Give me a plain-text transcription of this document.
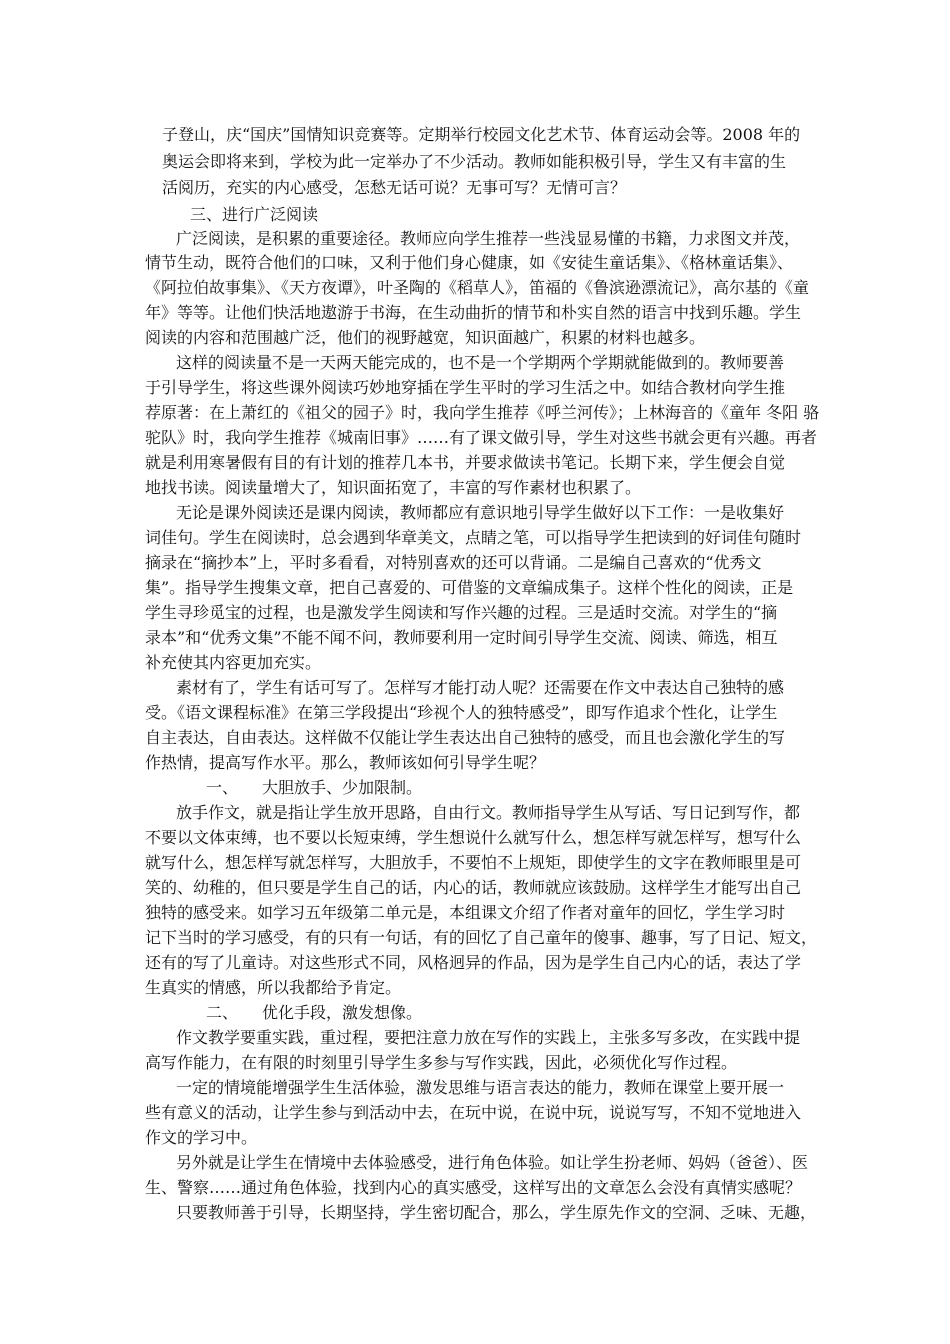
子登山，庆“国庆”国情知识竞赛等。定期举行校园文化艺术节、体育运动会等。2008 年的
奥运会即将来到，学校为此一定举办了不少活动。教师如能积极引导，学生又有丰富的生
活阅历，充实的内心感受，怎愁无话可说？无事可写？无情可言？
三、进行广泛阅读
广泛阅读，是积累的重要途径。教师应向学生推荐一些浅显易懂的书籍，力求图文并茂，
情节生动，既符合他们的口味，又利于他们身心健康，如《安徒生童话集》、《格林童话集》、
《阿拉伯故事集》、《天方夜谭》，叶圣陶的《稻草人》，笛福的《鲁滨逊漂流记》，高尔基的《童
年》等等。让他们快活地遨游于书海，在生动曲折的情节和朴实自然的语言中找到乐趣。学生
阅读的内容和范围越广泛，他们的视野越宽，知识面越广，积累的材料也越多。
这样的阅读量不是一天两天能完成的，也不是一个学期两个学期就能做到的。教师要善
于引导学生，将这些课外阅读巧妙地穿插在学生平时的学习生活之中。如结合教材向学生推
荐原著：在上萧红的《祖父的园子》时，我向学生推荐《呼兰河传》；上林海音的《童年 冬阳 骆
驼队》时，我向学生推荐《城南旧事》……有了课文做引导，学生对这些书就会更有兴趣。再者
就是利用寒暑假有目的有计划的推荐几本书，并要求做读书笔记。长期下来，学生便会自觉
地找书读。阅读量增大了，知识面拓宽了，丰富的写作素材也积累了。
无论是课外阅读还是课内阅读，教师都应有意识地引导学生做好以下工作：一是收集好
词佳句。学生在阅读时，总会遇到华章美文，点睛之笔，可以指导学生把读到的好词佳句随时
摘录在“摘抄本”上，平时多看看，对特别喜欢的还可以背诵。二是编自己喜欢的“优秀文
集”。指导学生搜集文章，把自己喜爱的、可借鉴的文章编成集子。这样个性化的阅读，正是
学生寻珍觅宝的过程，也是激发学生阅读和写作兴趣的过程。三是适时交流。对学生的“摘
录本”和“优秀文集”不能不闻不问，教师要利用一定时间引导学生交流、阅读、筛选，相互
补充使其内容更加充实。
素材有了，学生有话可写了。怎样写才能打动人呢？还需要在作文中表达自己独特的感
受。《语文课程标准》在第三学段提出“珍视个人的独特感受”，即写作追求个性化，让学生
自主表达，自由表达。这样做不仅能让学生表达出自己独特的感受，而且也会激化学生的写
作热情，提高写作水平。那么，教师该如何引导学生呢？
一、　　大胆放手、少加限制。
放手作文，就是指让学生放开思路，自由行文。教师指导学生从写话、写日记到写作，都
不要以文体束缚，也不要以长短束缚，学生想说什么就写什么，想怎样写就怎样写，想写什么
就写什么，想怎样写就怎样写，大胆放手，不要怕不上规矩，即使学生的文字在教师眼里是可
笑的、幼稚的，但只要是学生自己的话，内心的话，教师就应该鼓励。这样学生才能写出自己
独特的感受来。如学习五年级第二单元是，本组课文介绍了作者对童年的回忆，学生学习时
记下当时的学习感受，有的只有一句话，有的回忆了自己童年的傻事、趣事，写了日记、短文，
还有的写了儿童诗。对这些形式不同，风格迥异的作品，因为是学生自己内心的话，表达了学
生真实的情感，所以我都给予肯定。
二、　　优化手段，激发想像。
作文教学要重实践，重过程，要把注意力放在写作的实践上，主张多写多改，在实践中提
高写作能力，在有限的时刻里引导学生多参与写作实践，因此，必须优化写作过程。
一定的情境能增强学生生活体验，激发思维与语言表达的能力，教师在课堂上要开展一
些有意义的活动，让学生参与到活动中去，在玩中说，在说中玩，说说写写，不知不觉地进入
作文的学习中。
另外就是让学生在情境中去体验感受，进行角色体验。如让学生扮老师、妈妈（爸爸）、医
生、警察……通过角色体验，找到内心的真实感受，这样写出的文章怎么会没有真情实感呢？
只要教师善于引导，长期坚持，学生密切配合，那么，学生原先作文的空洞、乏味、无趣，
